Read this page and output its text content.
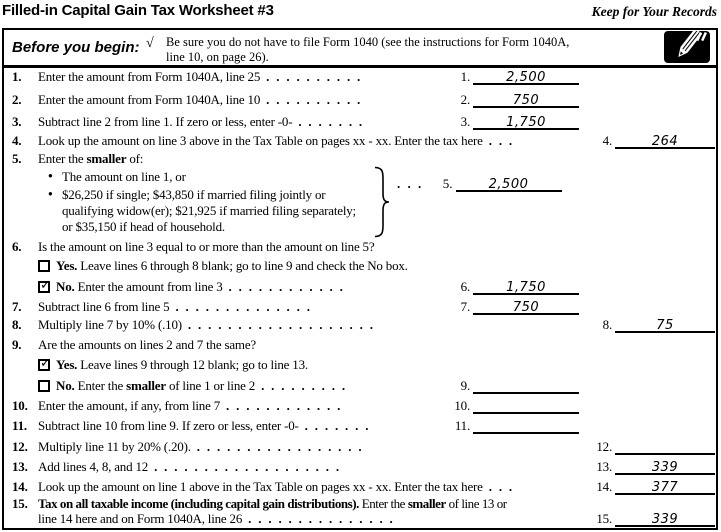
Filled-in Capital Gain Tax Worksheet #3	Keep for Your Records
Before you begin: √ Be sure you do not have to file Form 1040 (see the instructions for Form 1040A,
line 10, on page 26).
1. Enter the amount from Form 1040A, line 25 . . . . . . . . . .	1.	2,500
2. Enter the amount from Form 1040A, line 10 . . . . . . . . . .	2.	750
3. Subtract line 2 from line 1. If zero or less, enter -0- . . . . . . .	3.	1,750
4. Look up the amount on line 3 above in the Tax Table on pages xx - xx. Enter the tax here . . .	4.	264
5. Enter the smaller of:
● The amount on line 1, or
● $26,250 if single; $43,850 if married filing jointly or
qualifying widow(er); $21,925 if married filing separately;
or $35,150 if head of household.
. . . 5.	2,500
6. Is the amount on line 3 equal to or more than the amount on line 5?
Yes. Leave lines 6 through 8 blank; go to line 9 and check the No box.
✓ No. Enter the amount from line 3 . . . . . . . . . . . .	6.	1,750
7. Subtract line 6 from line 5 . . . . . . . . . . . . . .	7.	750
8. Multiply line 7 by 10% (.10) . . . . . . . . . . . . . . . . . . .	8.	75
9. Are the amounts on lines 2 and 7 the same?
✓ Yes. Leave lines 9 through 12 blank; go to line 13.
No. Enter the smaller of line 1 or line 2 . . . . . . . . .	9.
10. Enter the amount, if any, from line 7 . . . . . . . . . . . .	10.
11. Subtract line 10 from line 9. If zero or less, enter -0- . . . . . . .	11.
12. Multiply line 11 by 20% (.20). . . . . . . . . . . . . . . . . .	12.
13. Add lines 4, 8, and 12 . . . . . . . . . . . . . . . . . . .	13.	339
14. Look up the amount on line 1 above in the Tax Table on pages xx - xx. Enter the tax here . . .	14.	377
15. Tax on all taxable income (including capital gain distributions). Enter the smaller of line 13 or
line 14 here and on Form 1040A, line 26 . . . . . . . . . . . . . . .	15.	339
